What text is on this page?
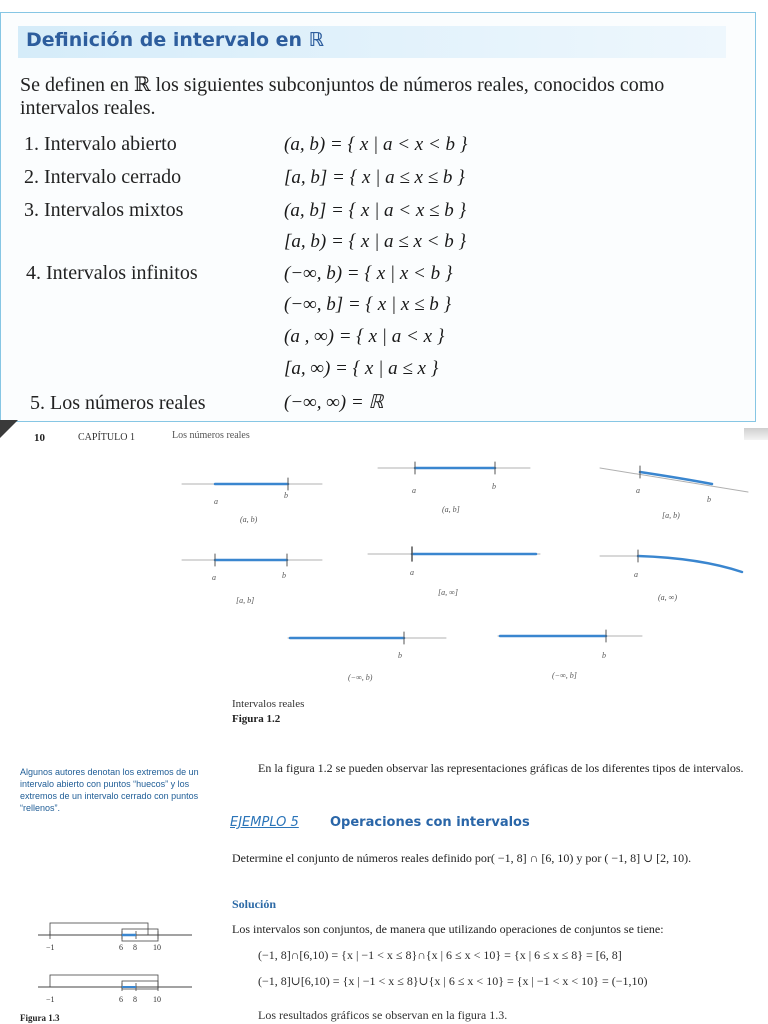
Definición de intervalo en ℝ
Se definen en ℝ los siguientes subconjuntos de números reales, conocidos como
intervalos reales.
1. Intervalo abierto	(a, b) = { x | a < x < b }
2. Intervalo cerrado	[a, b] = { x | a ≤ x ≤ b }
3. Intervalos mixtos	(a, b] = { x | a < x ≤ b }
[a, b) = { x | a ≤ x < b }
4. Intervalos infinitos	(−∞, b) = { x | x < b }
(−∞, b] = { x | x ≤ b }
(a , ∞) = { x | a < x }
[a, ∞) = { x | a ≤ x }
5. Los números reales	(−∞, ∞) = ℝ
10	CAPÍTULO 1	Los números reales
a
b
a	b	a
b
a	b	a	a
b	b
(a, b)
(a, b]
[a, b)
[a, b]
[a, ∞]
(a, ∞)
(−∞, b)	(−∞, b]
Intervalos reales
Figura 1.2
Algunos autores denotan los extremos de un intervalo abierto con puntos “huecos” y los extremos de un intervalo cerrado con puntos “rellenos”.
En la figura 1.2 se pueden observar las representaciones gráficas de los diferentes tipos de intervalos.
EJEMPLO 5 Operaciones con intervalos
Determine el conjunto de números reales definido por( −1, 8] ∩ [6, 10) y por ( −1, 8] ∪ [2, 10).
Solución
Los intervalos son conjuntos, de manera que utilizando operaciones de conjuntos se tiene:
(−1, 8]∩[6,10) = {x | −1 < x ≤ 8}∩{x | 6 ≤ x < 10} = {x | 6 ≤ x ≤ 8} = [6, 8]
(−1, 8]∪[6,10) = {x | −1 < x ≤ 8}∪{x | 6 ≤ x < 10} = {x | −1 < x < 10} = (−1,10)
Los resultados gráficos se observan en la figura 1.3.
−1	6 8 10
−1	6 8 10
Figura 1.3
